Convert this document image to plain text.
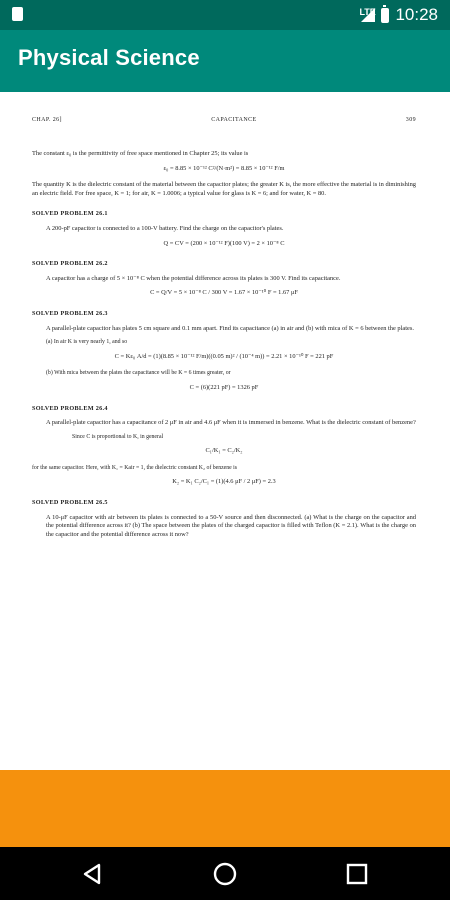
LTE 10:28
Physical Science
CHAP. 26]	CAPACITANCE	309

The constant ε₀ is the permittivity of free space mentioned in Chapter 25; its value is

ε₀ = 8.85 × 10⁻¹² C²/(N·m²) = 8.85 × 10⁻¹² F/m

The quantity K is the dielectric constant of the material between the capacitor plates; the greater K is, the more effective the material is in diminishing an electric field. For free space, K = 1; for air, K = 1.0006; a typical value for glass is K = 6; and for water, K = 80.

SOLVED PROBLEM 26.1

A 200-pF capacitor is connected to a 100-V battery. Find the charge on the capacitor's plates.

Q = CV = (200 × 10⁻¹² F)(100 V) = 2 × 10⁻⁸ C
SOLVED PROBLEM 26.2

A capacitor has a charge of 5 × 10⁻⁸ C when the potential difference across its plates is 300 V. Find its capacitance.

C = Q/V = 5 × 10⁻⁸ C / 300 V = 1.67 × 10⁻¹⁰ F = 1.67 μF
SOLVED PROBLEM 26.3

A parallel-plate capacitor has plates 5 cm square and 0.1 mm apart. Find its capacitance (a) in air and (b) with mica of K = 6 between the plates.

(a) In air K is very nearly 1, and so

C = Kε₀ A/d = (1)(8.85 × 10⁻¹² F/m)((0.05 m)² / (10⁻⁴ m)) = 2.21 × 10⁻¹⁰ F = 221 pF

(b) With mica between the plates the capacitance will be K = 6 times greater, or

C = (6)(221 pF) = 1326 pF
SOLVED PROBLEM 26.4

A parallel-plate capacitor has a capacitance of 2 μF in air and 4.6 μF when it is immersed in benzene. What is the dielectric constant of benzene?

Since C is proportional to K, in general

C₁/K₁ = C₂/K₂

for the same capacitor. Here, with K₁ = Kair = 1, the dielectric constant K₂ of benzene is

K₂ = K₁ C₂/C₁ = (1)(4.6 μF / 2 μF) = 2.3
SOLVED PROBLEM 26.5

A 10-μF capacitor with air between its plates is connected to a 50-V source and then disconnected. (a) What is the charge on the capacitor and the potential difference across it? (b) The space between the plates of the charged capacitor is filled with Teflon (K = 2.1). What is the charge on the capacitor and the potential difference across it now?
